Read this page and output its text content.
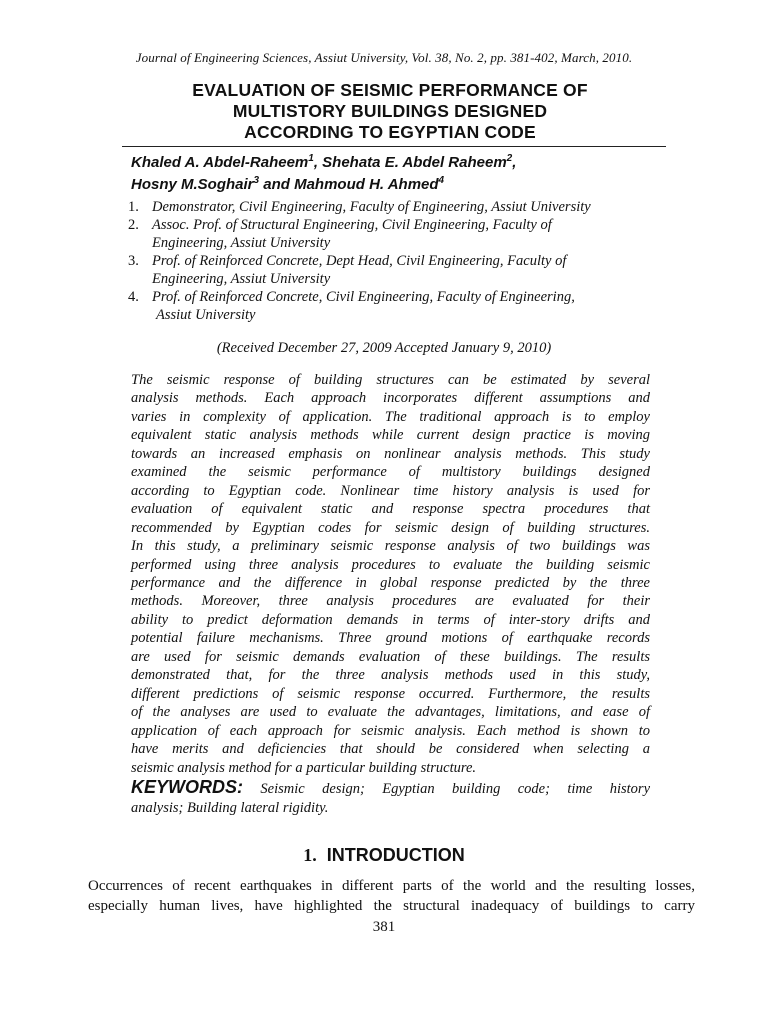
Journal of Engineering Sciences, Assiut University, Vol. 38, No. 2, pp. 381-402, March, 2010.
EVALUATION OF SEISMIC PERFORMANCE OF
MULTISTORY BUILDINGS DESIGNED
ACCORDING TO EGYPTIAN CODE
Khaled A. Abdel-Raheem$^1$, Shehata E. Abdel Raheem$^2$,
Hosny M.Soghair$^3$ and Mahmoud H. Ahmed$^4$
1. Demonstrator, Civil Engineering, Faculty of Engineering, Assiut University
2. Assoc. Prof. of Structural Engineering, Civil Engineering, Faculty of
Engineering, Assiut University
3. Prof. of Reinforced Concrete, Dept Head, Civil Engineering, Faculty of
Engineering, Assiut University
4. Prof. of Reinforced Concrete, Civil Engineering, Faculty of Engineering,
Assiut University
(Received December 27, 2009 Accepted January 9, 2010)
The seismic response of building structures can be estimated by several
analysis methods. Each approach incorporates different assumptions and
varies in complexity of application. The traditional approach is to employ
equivalent static analysis methods while current design practice is moving
towards an increased emphasis on nonlinear analysis methods. This study
examined the seismic performance of multistory buildings designed
according to Egyptian code. Nonlinear time history analysis is used for
evaluation of equivalent static and response spectra procedures that
recommended by Egyptian codes for seismic design of building structures.
In this study, a preliminary seismic response analysis of two buildings was
performed using three analysis procedures to evaluate the building seismic
performance and the difference in global response predicted by the three
methods. Moreover, three analysis procedures are evaluated for their
ability to predict deformation demands in terms of inter-story drifts and
potential failure mechanisms. Three ground motions of earthquake records
are used for seismic demands evaluation of these buildings. The results
demonstrated that, for the three analysis methods used in this study,
different predictions of seismic response occurred. Furthermore, the results
of the analyses are used to evaluate the advantages, limitations, and ease of
application of each approach for seismic analysis. Each method is shown to
have merits and deficiencies that should be considered when selecting a
seismic analysis method for a particular building structure.
KEYWORDS: Seismic design; Egyptian building code; time history
analysis; Building lateral rigidity.
1. INTRODUCTION
Occurrences of recent earthquakes in different parts of the world and the resulting losses,
especially human lives, have highlighted the structural inadequacy of buildings to carry
381
